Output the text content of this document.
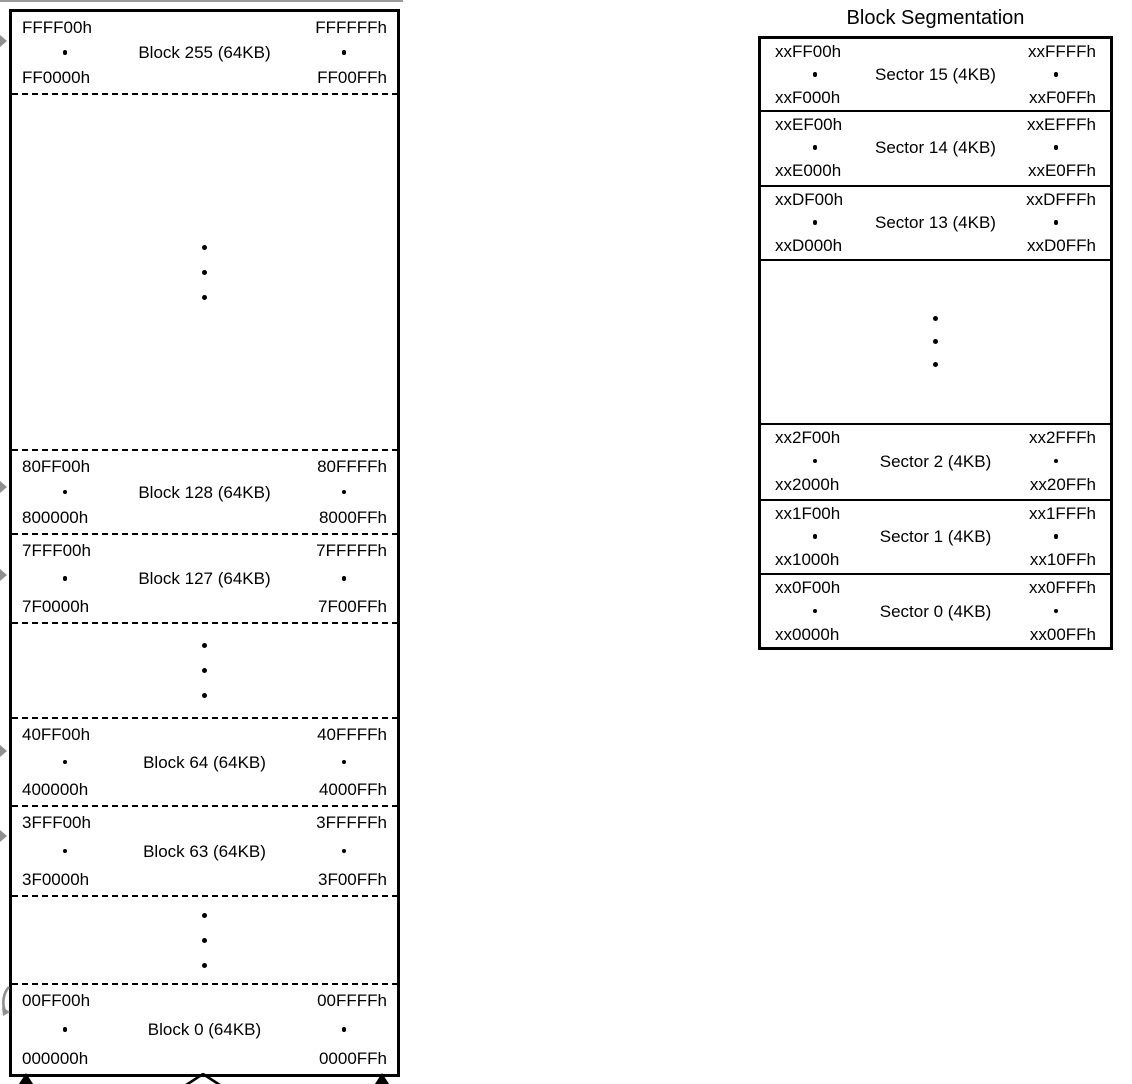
FFFF00h	FFFFFFh
Block 255 (64KB)
FF0000h	FF00FFh
80FF00h	80FFFFh
Block 128 (64KB)
800000h	8000FFh
7FFF00h	7FFFFFh
Block 127 (64KB)
7F0000h	7F00FFh
40FF00h	40FFFFh
Block 64 (64KB)
400000h	4000FFh
3FFF00h	3FFFFFh
Block 63 (64KB)
3F0000h	3F00FFh
00FF00h	00FFFFh
Block 0 (64KB)
000000h	0000FFh
Block Segmentation
xxFF00h	xxFFFFh
Sector 15 (4KB)
xxF000h	xxF0FFh
xxEF00h	xxEFFFh
Sector 14 (4KB)
xxE000h	xxE0FFh
xxDF00h	xxDFFFh
Sector 13 (4KB)
xxD000h	xxD0FFh
xx2F00h	xx2FFFh
Sector 2 (4KB)
xx2000h	xx20FFh
xx1F00h	xx1FFFh
Sector 1 (4KB)
xx1000h	xx10FFh
xx0F00h	xx0FFFh
Sector 0 (4KB)
xx0000h	xx00FFh
